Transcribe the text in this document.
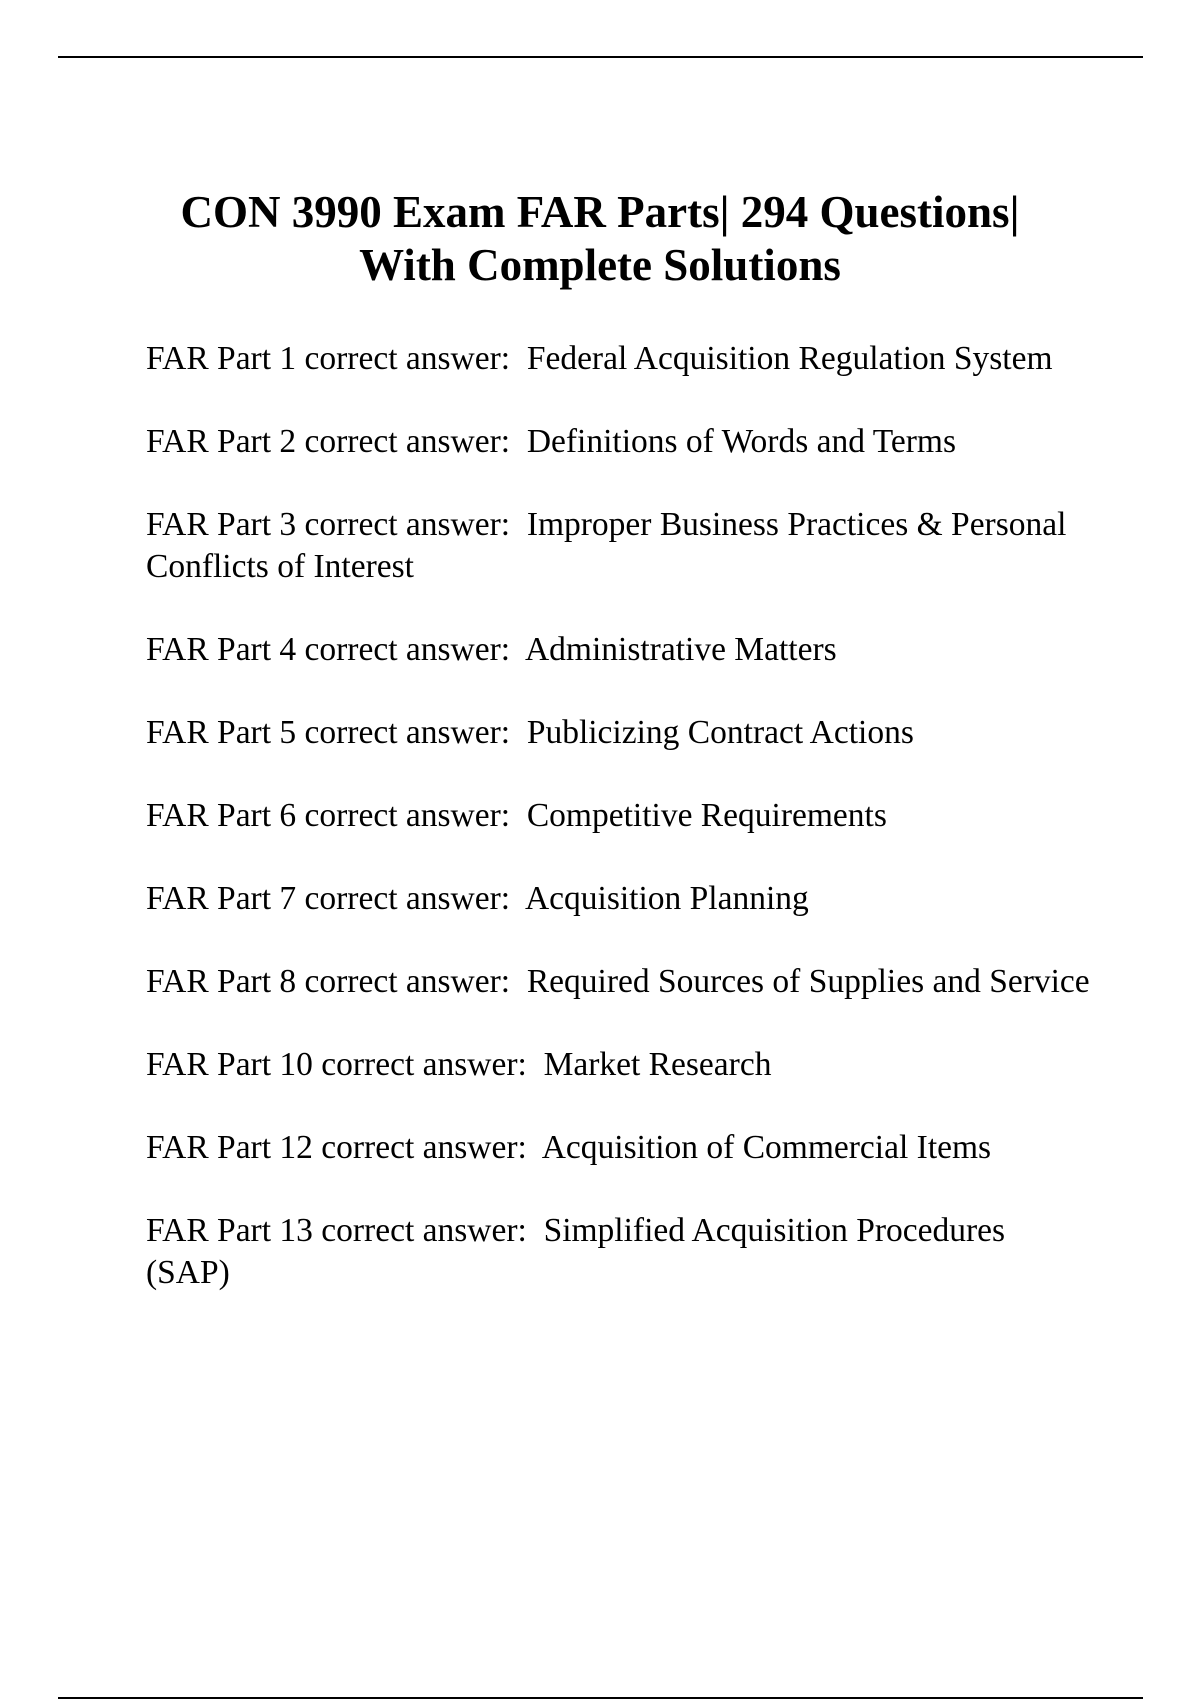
CON 3990 Exam FAR Parts| 294 Questions|
With Complete Solutions
FAR Part 1 correct answer: Federal Acquisition Regulation System
FAR Part 2 correct answer: Definitions of Words and Terms
FAR Part 3 correct answer: Improper Business Practices & Personal Conflicts of Interest
FAR Part 4 correct answer: Administrative Matters
FAR Part 5 correct answer: Publicizing Contract Actions
FAR Part 6 correct answer: Competitive Requirements
FAR Part 7 correct answer: Acquisition Planning
FAR Part 8 correct answer: Required Sources of Supplies and Service
FAR Part 10 correct answer: Market Research
FAR Part 12 correct answer: Acquisition of Commercial Items
FAR Part 13 correct answer: Simplified Acquisition Procedures (SAP)
